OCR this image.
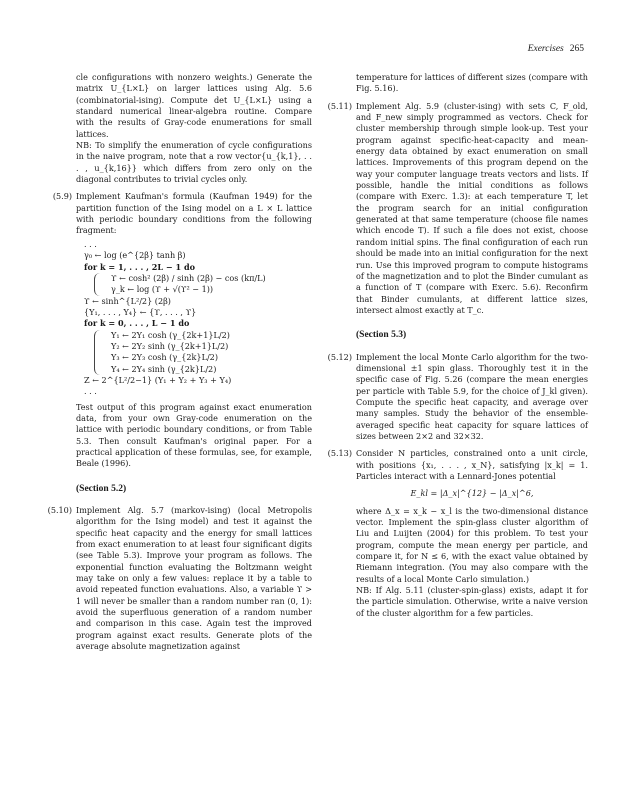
Exercises 265

cle configurations with nonzero weights.) Generate the matrix U_{L×L} on larger lattices using Alg. 5.6 (combinatorial-ising). Compute det U_{L×L} using a standard numerical linear-algebra routine. Compare with the results of Gray-code enumerations for small lattices.

NB: To simplify the enumeration of cycle configurations in the naive program, note that a row vector{u_{k,1}, . . . , u_{k,16}} which differs from zero only on the diagonal contributes to trivial cycles only.

(5.9) Implement Kaufman's formula (Kaufman 1949) for the partition function of the Ising model on a L × L lattice with periodic boundary conditions from the following fragment:

. . .
γ₀ ← log (e^{2β} tanh β)
for k = 1, . . . , 2L − 1 do
ϒ ← cosh² (2β) / sinh (2β) − cos (kπ/L)
γ_k ← log (ϒ + √(ϒ² − 1))
ϒ ← sinh^{L²/2} (2β)
{Y₁, . . . , Y₄} ← {ϒ, . . . , ϒ}
for k = 0, . . . , L − 1 do
Y₁ ← 2Y₁ cosh (γ_{2k+1}L/2)
Y₂ ← 2Y₂ sinh (γ_{2k+1}L/2)
Y₃ ← 2Y₃ cosh (γ_{2k}L/2)
Y₄ ← 2Y₄ sinh (γ_{2k}L/2)
Z ← 2^{L²/2−1} (Y₁ + Y₂ + Y₃ + Y₄)
. . .

Test output of this program against exact enumeration data, from your own Gray-code enumeration on the lattice with periodic boundary conditions, or from Table 5.3. Then consult Kaufman's original paper. For a practical application of these formulas, see, for example, Beale (1996).

(Section 5.2)
(5.10) Implement Alg. 5.7 (markov-ising) (local Metropolis algorithm for the Ising model) and test it against the specific heat capacity and the energy for small lattices from exact enumeration to at least four significant digits (see Table 5.3). Improve your program as follows. The exponential function evaluating the Boltzmann weight may take on only a few values: replace it by a table to avoid repeated function evaluations. Also, a variable ϒ > 1 will never be smaller than a random number ran (0, 1): avoid the superfluous generation of a random number and comparison in this case. Again test the improved program against exact results. Generate plots of the average absolute magnetization against

temperature for lattices of different sizes (compare with Fig. 5.16).

(5.11) Implement Alg. 5.9 (cluster-ising) with sets C, F_old, and F_new simply programmed as vectors. Check for cluster membership through simple look-up. Test your program against specific-heat-capacity and mean-energy data obtained by exact enumeration on small lattices. Improvements of this program depend on the way your computer language treats vectors and lists. If possible, handle the initial conditions as follows (compare with Exerc. 1.3): at each temperature T, let the program search for an initial configuration generated at that same temperature (choose file names which encode T). If such a file does not exist, choose random initial spins. The final configuration of each run should be made into an initial configuration for the next run. Use this improved program to compute histograms of the magnetization and to plot the Binder cumulant as a function of T (compare with Exerc. 5.6). Reconfirm that Binder cumulants, at different lattice sizes, intersect almost exactly at T_c.

(Section 5.3)
(5.12) Implement the local Monte Carlo algorithm for the two-dimensional ±1 spin glass. Thoroughly test it in the specific case of Fig. 5.26 (compare the mean energies per particle with Table 5.9, for the choice of J_kl given). Compute the specific heat capacity, and average over many samples. Study the behavior of the ensemble-averaged specific heat capacity for square lattices of sizes between 2×2 and 32×32.

(5.13) Consider N particles, constrained onto a unit circle, with positions {x₁, . . . , x_N}, satisfying |x_k| = 1. Particles interact with a Lennard-Jones potential

E_kl = |Δ_x|^{12} − |Δ_x|^6,

where Δ_x = x_k − x_l is the two-dimensional distance vector. Implement the spin-glass cluster algorithm of Liu and Luijten (2004) for this problem. To test your program, compute the mean energy per particle, and compare it, for N ≤ 6, with the exact value obtained by Riemann integration. (You may also compare with the results of a local Monte Carlo simulation.)

NB: If Alg. 5.11 (cluster-spin-glass) exists, adapt it for the particle simulation. Otherwise, write a naive version of the cluster algorithm for a few particles.
